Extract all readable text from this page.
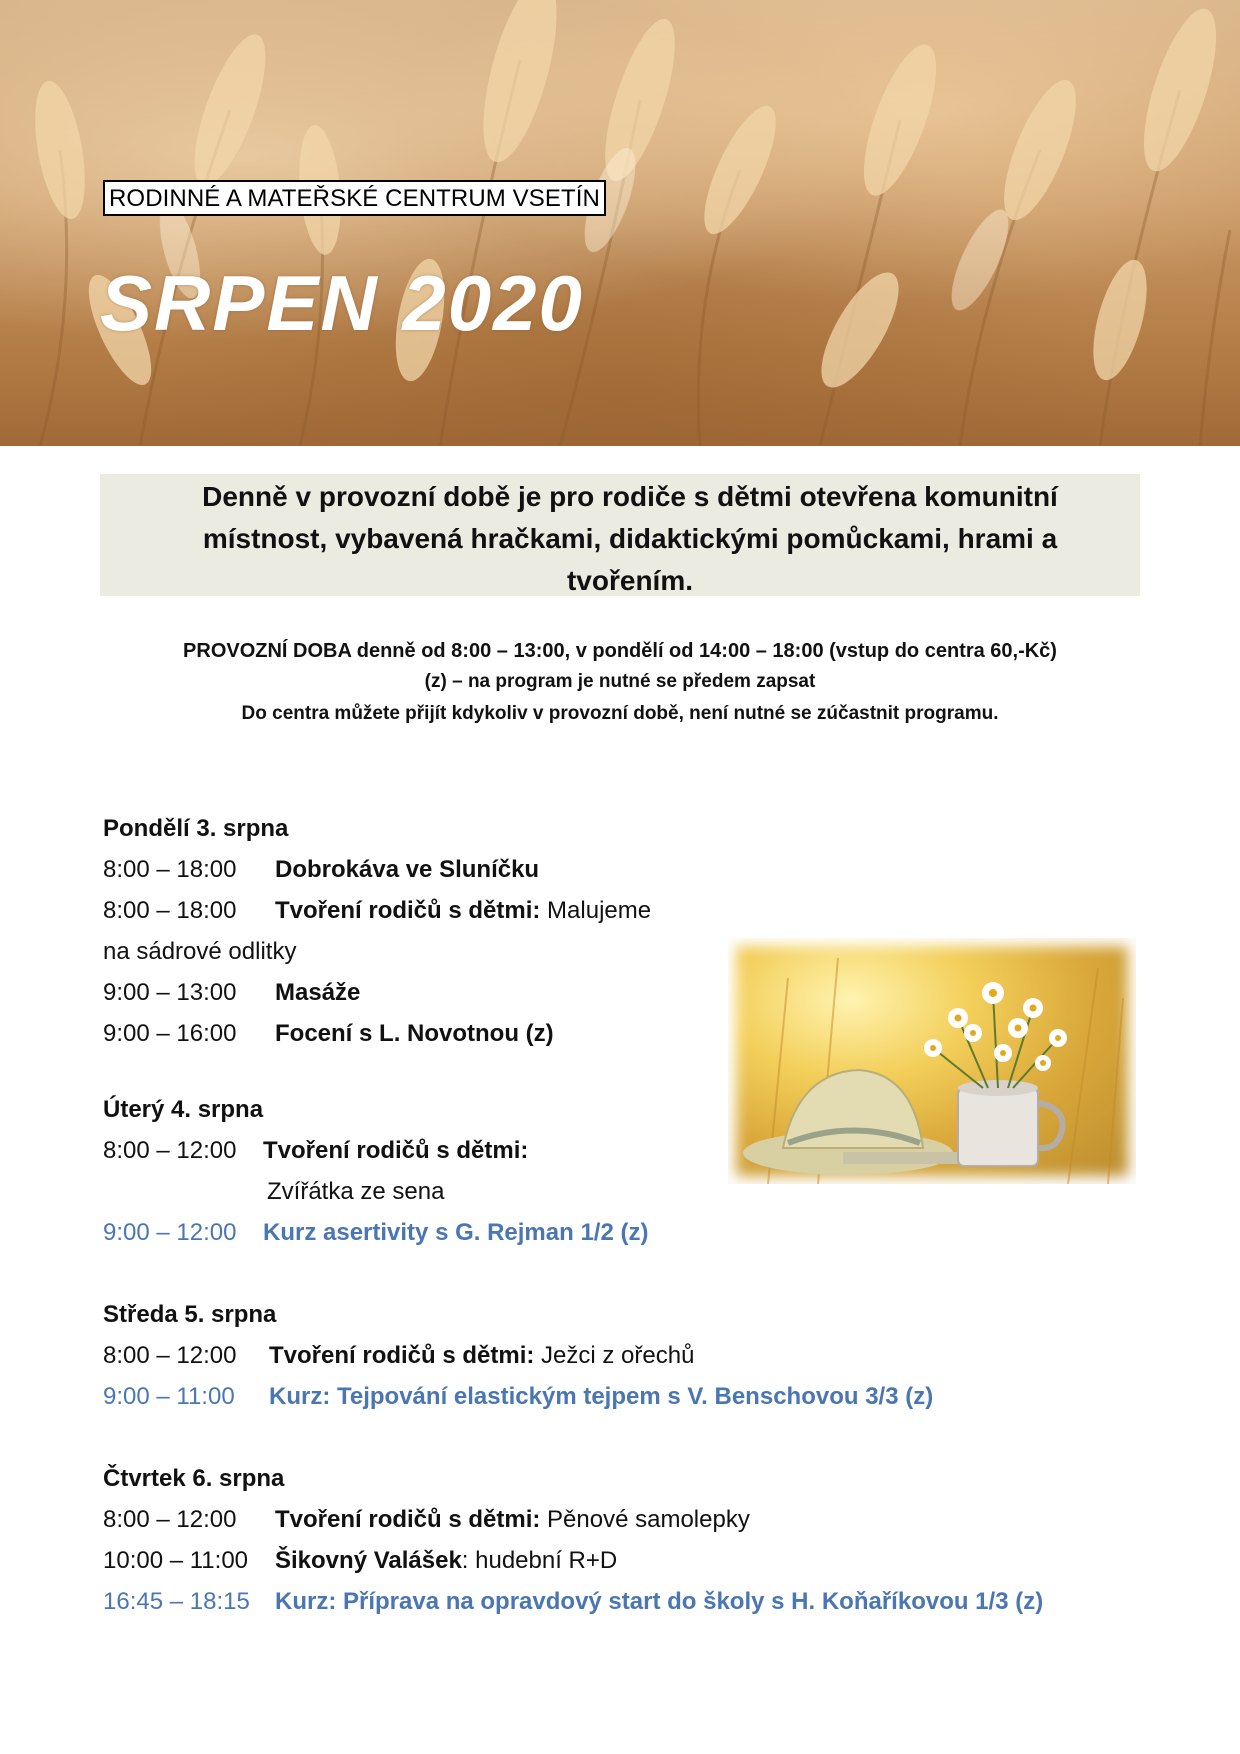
RODINNÉ A MATEŘSKÉ CENTRUM VSETÍN
SRPEN 2020

Denně v provozní době je pro rodiče s dětmi otevřena komunitní

místnost, vybavená hračkami, didaktickými pomůckami, hrami a

tvořením.

PROVOZNÍ DOBA denně od 8:00 – 13:00, v pondělí od 14:00 – 18:00 (vstup do centra 60,-Kč)
(z) – na program je nutné se předem zapsat
Do centra můžete přijít kdykoliv v provozní době, není nutné se zúčastnit programu.
Pondělí 3. srpna
8:00 – 18:00 Dobrokáva ve Sluníčku
8:00 – 18:00 Tvoření rodičů s dětmi: Malujeme
na sádrové odlitky
9:00 – 13:00 Masáže
9:00 – 16:00 Focení s L. Novotnou (z)
Úterý 4. srpna
8:00 – 12:00 Tvoření rodičů s dětmi:
Zvířátka ze sena
9:00 – 12:00 Kurz asertivity s G. Rejman 1/2 (z)
Středa 5. srpna
8:00 – 12:00 Tvoření rodičů s dětmi: Ježci z ořechů
9:00 – 11:00 Kurz: Tejpování elastickým tejpem s V. Benschovou 3/3 (z)
Čtvrtek 6. srpna
8:00 – 12:00 Tvoření rodičů s dětmi: Pěnové samolepky
10:00 – 11:00 Šikovný Valášek: hudební R+D
16:45 – 18:15 Kurz: Příprava na opravdový start do školy s H. Koňaříkovou 1/3 (z)
